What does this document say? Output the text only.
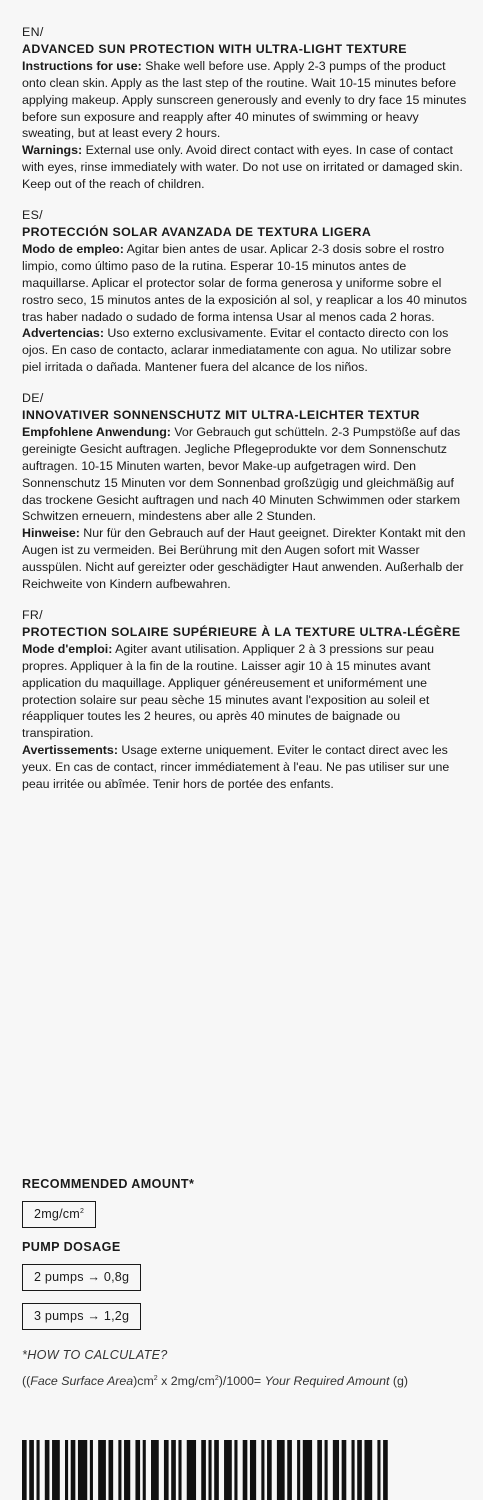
EN/
ADVANCED SUN PROTECTION WITH ULTRA-LIGHT TEXTURE
Instructions for use: Shake well before use. Apply 2-3 pumps of the product onto clean skin. Apply as the last step of the routine. Wait 10-15 minutes before applying makeup. Apply sunscreen generously and evenly to dry face 15 minutes before sun exposure and reapply after 40 minutes of swimming or heavy sweating, but at least every 2 hours.
Warnings: External use only. Avoid direct contact with eyes. In case of contact with eyes, rinse immediately with water. Do not use on irritated or damaged skin. Keep out of the reach of children.
ES/
PROTECCIÓN SOLAR AVANZADA DE TEXTURA LIGERA
Modo de empleo: Agitar bien antes de usar. Aplicar 2-3 dosis sobre el rostro limpio, como último paso de la rutina. Esperar 10-15 minutos antes de maquillarse. Aplicar el protector solar de forma generosa y uniforme sobre el rostro seco, 15 minutos antes de la exposición al sol, y reaplicar a los 40 minutos tras haber nadado o sudado de forma intensa Usar al menos cada 2 horas.
Advertencias: Uso externo exclusivamente. Evitar el contacto directo con los ojos. En caso de contacto, aclarar inmediatamente con agua. No utilizar sobre piel irritada o dañada. Mantener fuera del alcance de los niños.
DE/
INNOVATIVER SONNENSCHUTZ MIT ULTRA-LEICHTER TEXTUR
Empfohlene Anwendung: Vor Gebrauch gut schütteln. 2-3 Pumpstöße auf das gereinigte Gesicht auftragen. Jegliche Pflegeprodukte vor dem Sonnenschutz auftragen. 10-15 Minuten warten, bevor Make-up aufgetragen wird. Den Sonnenschutz 15 Minuten vor dem Sonnenbad großzügig und gleichmäßig auf das trockene Gesicht auftragen und nach 40 Minuten Schwimmen oder starkem Schwitzen erneuern, mindestens aber alle 2 Stunden.
Hinweise: Nur für den Gebrauch auf der Haut geeignet. Direkter Kontakt mit den Augen ist zu vermeiden. Bei Berührung mit den Augen sofort mit Wasser ausspülen. Nicht auf gereizter oder geschädigter Haut anwenden. Außerhalb der Reichweite von Kindern aufbewahren.
FR/
PROTECTION SOLAIRE SUPÉRIEURE À LA TEXTURE ULTRA-LÉGÈRE
Mode d'emploi: Agiter avant utilisation. Appliquer 2 à 3 pressions sur peau propres. Appliquer à la fin de la routine. Laisser agir 10 à 15 minutes avant application du maquillage. Appliquer généreusement et uniformément une protection solaire sur peau sèche 15 minutes avant l'exposition au soleil et réappliquer toutes les 2 heures, ou après 40 minutes de baignade ou transpiration.
Avertissements: Usage externe uniquement. Eviter le contact direct avec les yeux. En cas de contact, rincer immédiatement à l'eau. Ne pas utiliser sur une peau irritée ou abîmée. Tenir hors de portée des enfants.
RECOMMENDED AMOUNT*
$2mg/cm^2$
PUMP DOSAGE
2 pumps → 0,8g
3 pumps → 1,2g
*HOW TO CALCULATE?
((Face Surface $Area)cm^2$ x $2mg/cm^2)/1000=$ Your Required Amount (g)
